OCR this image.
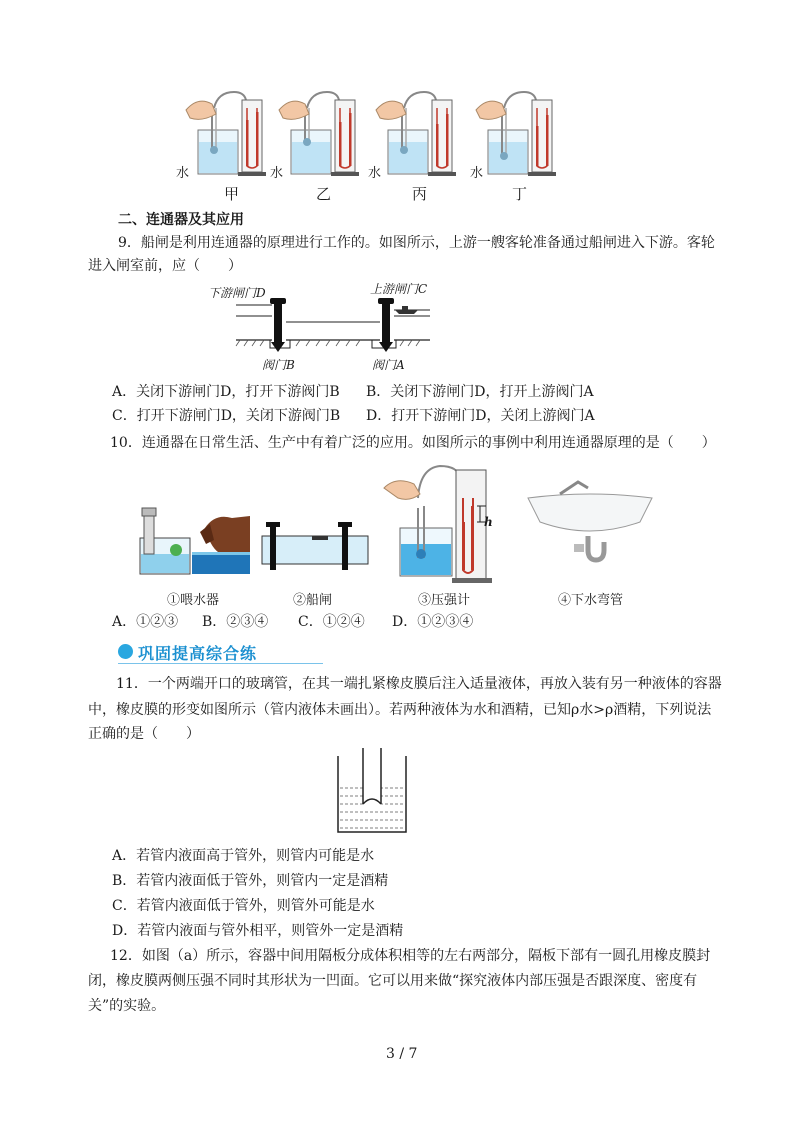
水	水	水	水
甲	乙	丙	丁
二、连通器及其应用
9．船闸是利用连通器的原理进行工作的。如图所示，上游一艘客轮准备通过船闸进入下游。客轮
进入闸室前，应（　　）
下游闸门D	上游闸门C
阀门B	阀门A
A．关闭下游闸门D，打开下游阀门B B．关闭下游闸门D，打开上游阀门A
C．打开下游闸门D，关闭下游阀门B D．打开下游闸门D，关闭上游阀门A
10．连通器在日常生活、生产中有着广泛的应用。如图所示的事例中利用连通器原理的是（　　）
h
①喂水器	②船闸	③压强计	④下水弯管
A．①②③ B．②③④ C．①②④ D．①②③④
巩固提高综合练
11．一个两端开口的玻璃管，在其一端扎紧橡皮膜后注入适量液体，再放入装有另一种液体的容器
中，橡皮膜的形变如图所示（管内液体未画出）。若两种液体为水和酒精，已知ρ水>ρ酒精，下列说法
正确的是（　　）
A．若管内液面高于管外，则管内可能是水
B．若管内液面低于管外，则管内一定是酒精
C．若管内液面低于管外，则管外可能是水
D．若管内液面与管外相平，则管外一定是酒精
12．如图（a）所示，容器中间用隔板分成体积相等的左右两部分，隔板下部有一圆孔用橡皮膜封
闭，橡皮膜两侧压强不同时其形状为一凹面。它可以用来做“探究液体内部压强是否跟深度、密度有
关”的实验。
3 / 7
